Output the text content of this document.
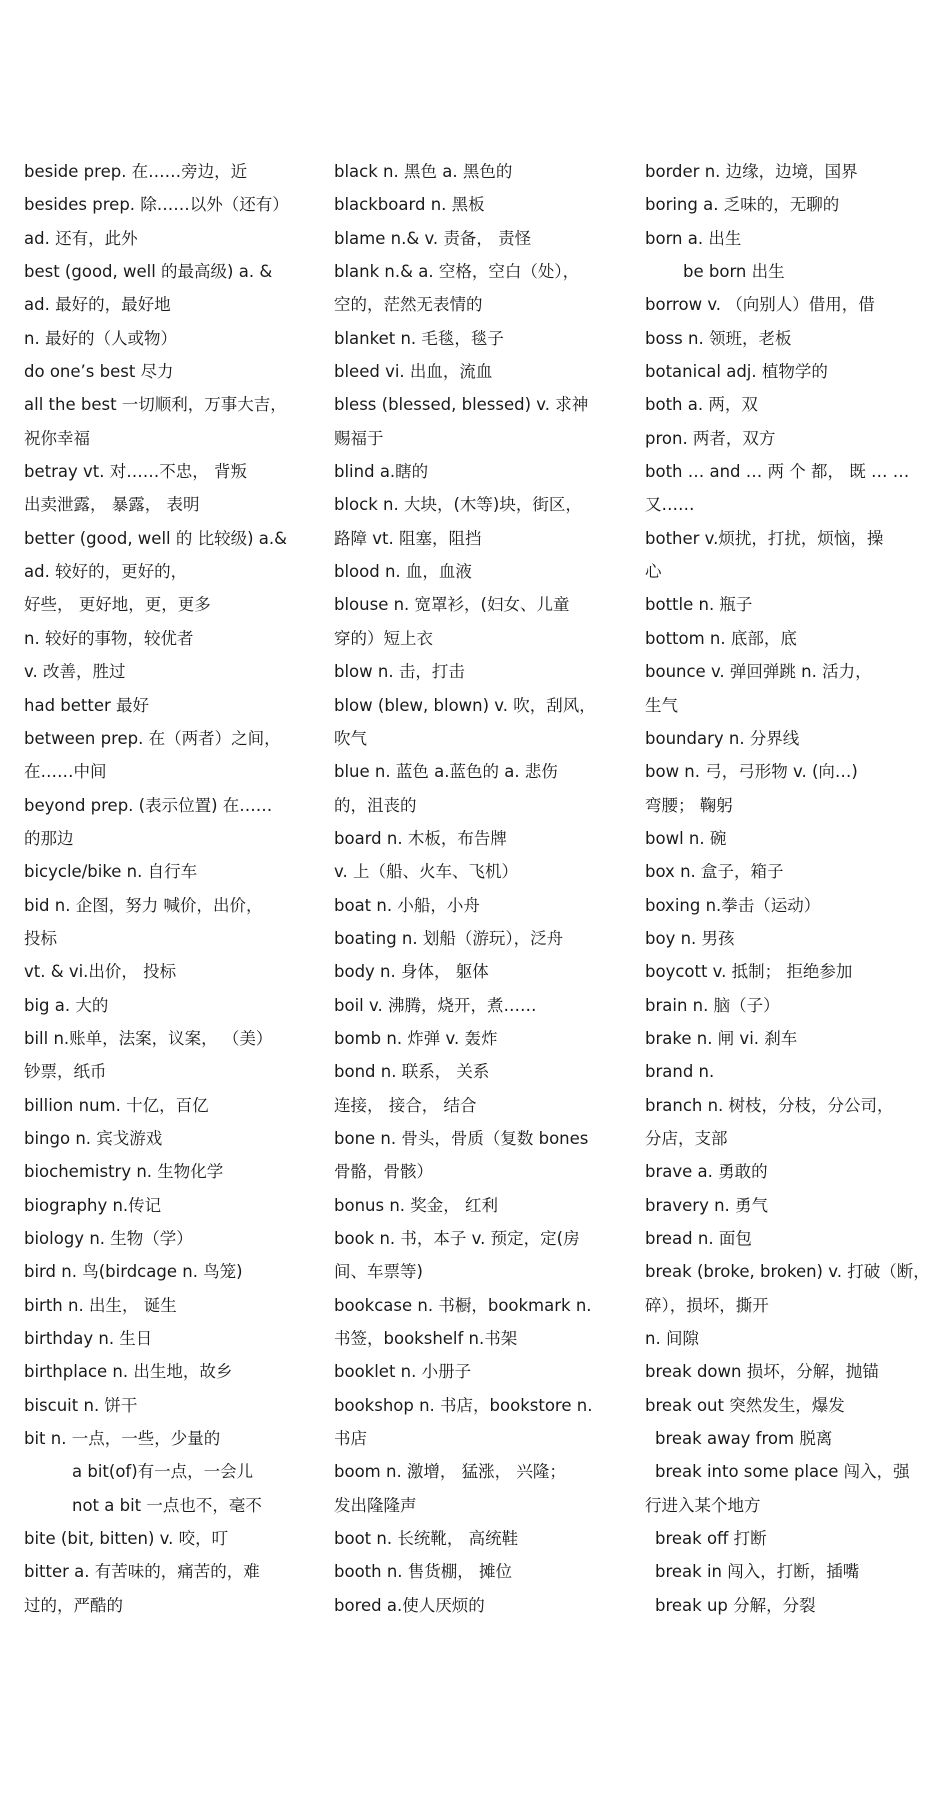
beside prep. 在……旁边，近
besides prep. 除……以外（还有）
ad. 还有，此外
best (good, well 的最高级) a. &
ad. 最好的，最好地
n. 最好的（人或物）
do one’s best 尽力
all the best 一切顺利，万事大吉，
祝你幸福
betray vt. 对……不忠， 背叛
出卖泄露， 暴露， 表明
better (good, well 的 比较级) a.&
ad. 较好的，更好的，
好些， 更好地，更，更多
n. 较好的事物，较优者
v. 改善，胜过
had better 最好
between prep. 在（两者）之间，
在……中间
beyond prep. (表示位置) 在……
的那边
bicycle/bike n. 自行车
bid n. 企图，努力 喊价，出价，
投标
vt. & vi.出价， 投标
big a. 大的
bill n.账单，法案，议案， （美）
钞票，纸币
billion num. 十亿，百亿
bingo n. 宾戈游戏
biochemistry n. 生物化学
biography n.传记
biology n. 生物（学）
bird n. 鸟(birdcage n. 鸟笼)
birth n. 出生， 诞生
birthday n. 生日
birthplace n. 出生地，故乡
biscuit n. 饼干
bit n. 一点，一些，少量的
a bit(of)有一点，一会儿
not a bit 一点也不，毫不
bite (bit, bitten) v. 咬，叮
bitter a. 有苦味的，痛苦的，难
过的，严酷的
black n. 黑色 a. 黑色的
blackboard n. 黑板
blame n.& v. 责备， 责怪
blank n.& a. 空格，空白（处），
空的，茫然无表情的
blanket n. 毛毯，毯子
bleed vi. 出血，流血
bless (blessed, blessed) v. 求神
赐福于
blind a.瞎的
block n. 大块，(木等)块，街区，
路障 vt. 阻塞，阻挡
blood n. 血，血液
blouse n. 宽罩衫，(妇女、儿童
穿的）短上衣
blow n. 击，打击
blow (blew, blown) v. 吹，刮风，
吹气
blue n. 蓝色 a.蓝色的 a. 悲伤
的，沮丧的
board n. 木板，布告牌
v. 上（船、火车、飞机）
boat n. 小船，小舟
boating n. 划船（游玩），泛舟
body n. 身体， 躯体
boil v. 沸腾，烧开，煮……
bomb n. 炸弹 v. 轰炸
bond n. 联系， 关系
连接， 接合， 结合
bone n. 骨头，骨质（复数 bones
骨骼，骨骸）
bonus n. 奖金， 红利
book n. 书，本子 v. 预定，定(房
间、车票等)
bookcase n. 书橱，bookmark n.
书签，bookshelf n.书架
booklet n. 小册子
bookshop n. 书店，bookstore n.
书店
boom n. 激增， 猛涨， 兴隆；
发出隆隆声
boot n. 长统靴， 高统鞋
booth n. 售货棚， 摊位
bored a.使人厌烦的
border n. 边缘，边境，国界
boring a. 乏味的，无聊的
born a. 出生
be born 出生
borrow v. （向别人）借用，借
boss n. 领班，老板
botanical adj. 植物学的
both a. 两，双
pron. 两者，双方
both … and … 两 个 都， 既 … …
又……
bother v.烦扰，打扰，烦恼，操
心
bottle n. 瓶子
bottom n. 底部，底
bounce v. 弹回弹跳 n. 活力，
生气
boundary n. 分界线
bow n. 弓，弓形物 v. (向…)
弯腰； 鞠躬
bowl n. 碗
box n. 盒子，箱子
boxing n.拳击（运动）
boy n. 男孩
boycott v. 抵制； 拒绝参加
brain n. 脑（子）
brake n. 闸 vi. 刹车
brand n.
branch n. 树枝，分枝，分公司，
分店，支部
brave a. 勇敢的
bravery n. 勇气
bread n. 面包
break (broke, broken) v. 打破（断，
碎），损坏，撕开
n. 间隙
break down 损坏，分解，抛锚
break out 突然发生，爆发
break away from 脱离
break into some place 闯入，强
行进入某个地方
break off 打断
break in 闯入，打断，插嘴
break up 分解，分裂
